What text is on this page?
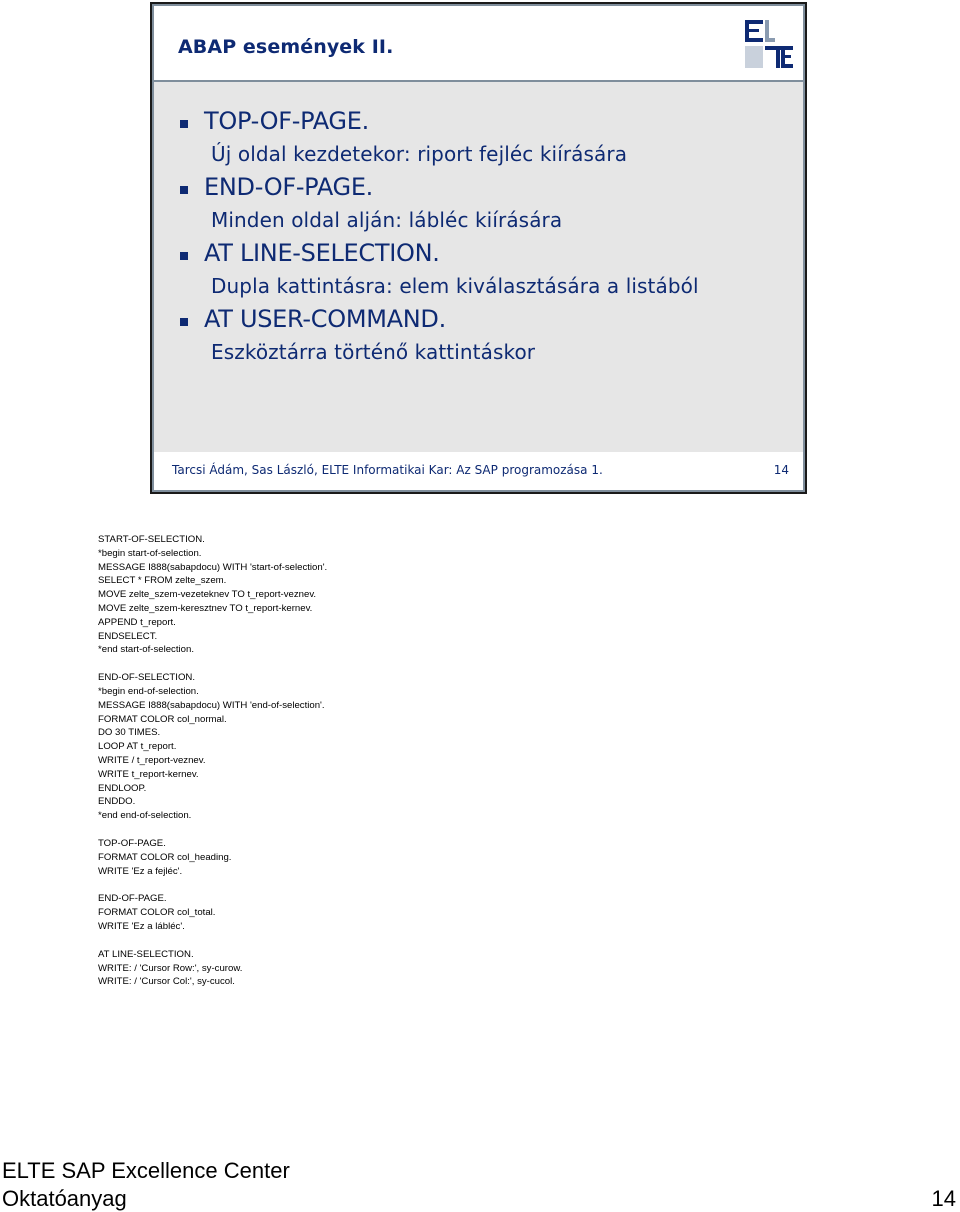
ABAP események II.
TOP-OF-PAGE.
Új oldal kezdetekor: riport fejléc kiírására
END-OF-PAGE.
Minden oldal alján: lábléc kiírására
AT LINE-SELECTION.
Dupla kattintásra: elem kiválasztására a listából
AT USER-COMMAND.
Eszköztárra történő kattintáskor
Tarcsi Ádám, Sas László, ELTE Informatikai Kar: Az SAP programozása 1.	14
START-OF-SELECTION.
*begin start-of-selection.
MESSAGE I888(sabapdocu) WITH 'start-of-selection'.
SELECT * FROM zelte_szem.
MOVE zelte_szem-vezeteknev TO t_report-veznev.
MOVE zelte_szem-keresztnev TO t_report-kernev.
APPEND t_report.
ENDSELECT.
*end start-of-selection.
END-OF-SELECTION.
*begin end-of-selection.
MESSAGE I888(sabapdocu) WITH 'end-of-selection'.
FORMAT COLOR col_normal.
DO 30 TIMES.
LOOP AT t_report.
WRITE / t_report-veznev.
WRITE t_report-kernev.
ENDLOOP.
ENDDO.
*end end-of-selection.
TOP-OF-PAGE.
FORMAT COLOR col_heading.
WRITE 'Ez a fejléc'.
END-OF-PAGE.
FORMAT COLOR col_total.
WRITE 'Ez a lábléc'.
AT LINE-SELECTION.
WRITE: / 'Cursor Row:', sy-curow.
WRITE: / 'Cursor Col:', sy-cucol.
ELTE SAP Excellence Center
Oktatóanyag	14
